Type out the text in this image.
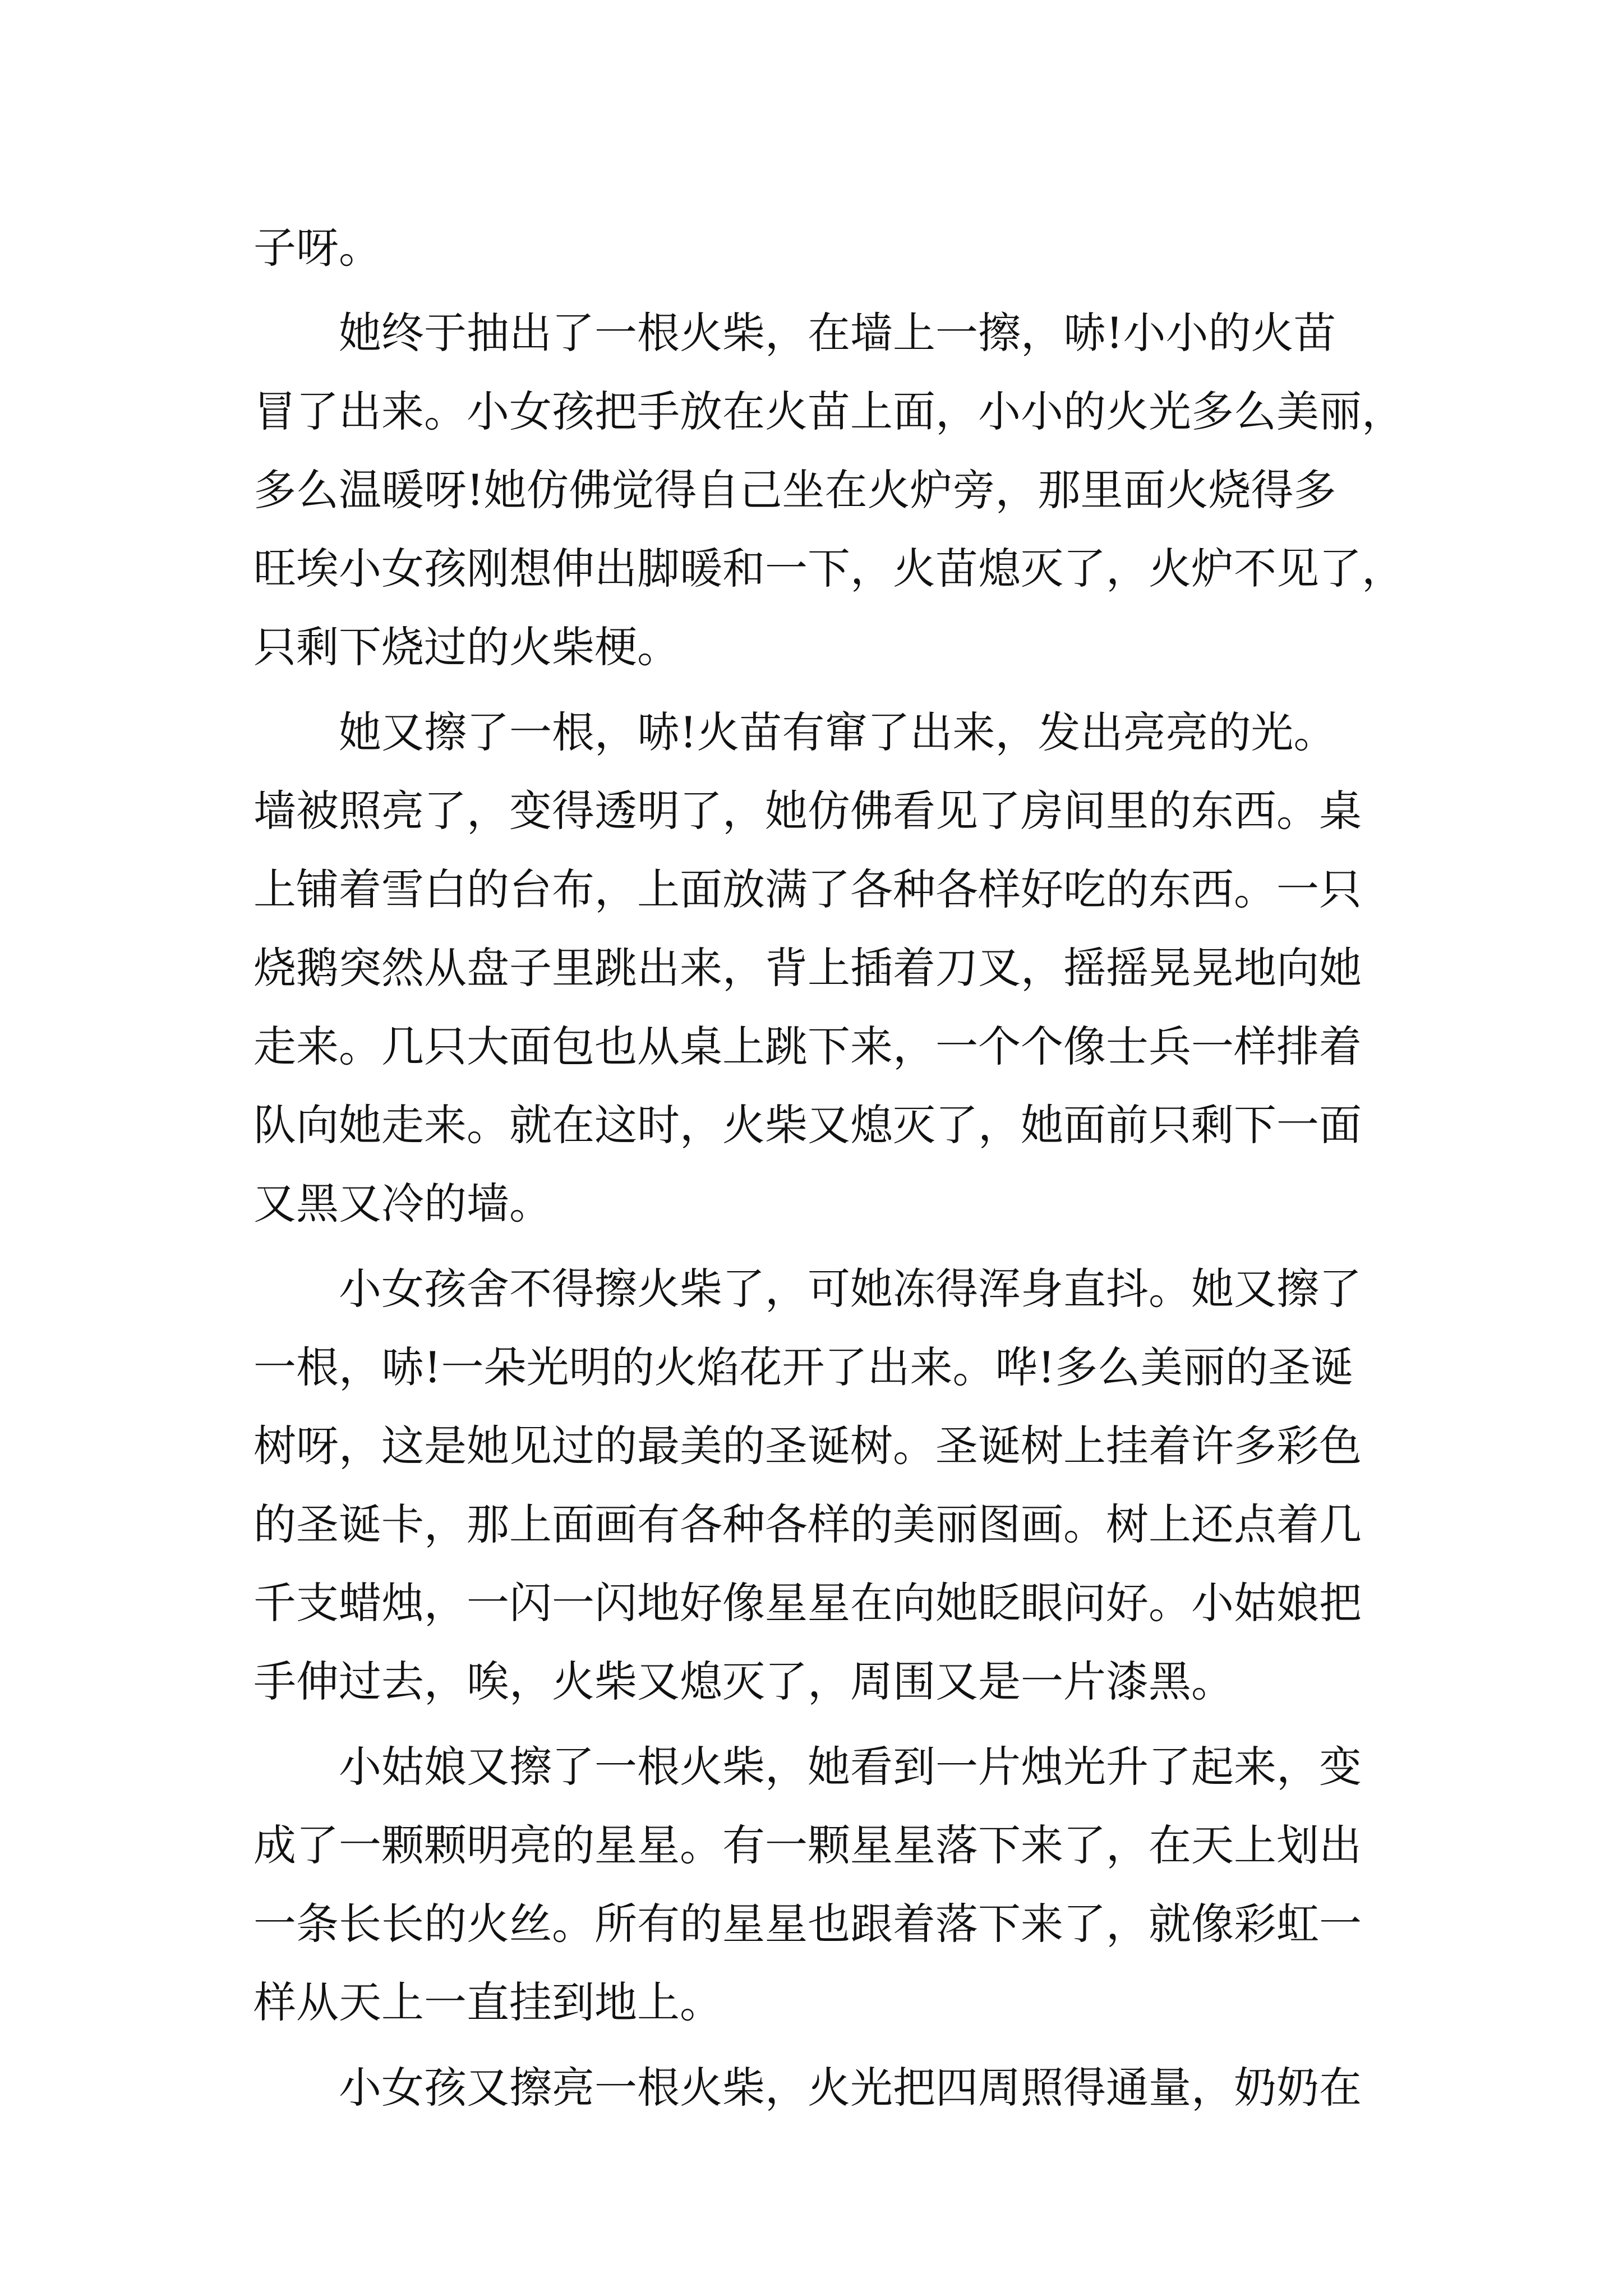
子呀。
她终于抽出了一根火柴，在墙上一擦，哧!小小的火苗
冒了出来。小女孩把手放在火苗上面，小小的火光多么美丽，
多么温暖呀!她仿佛觉得自己坐在火炉旁，那里面火烧得多
旺埃小女孩刚想伸出脚暖和一下，火苗熄灭了，火炉不见了，
只剩下烧过的火柴梗。
她又擦了一根，哧!火苗有窜了出来，发出亮亮的光。
墙被照亮了，变得透明了，她仿佛看见了房间里的东西。桌
上铺着雪白的台布，上面放满了各种各样好吃的东西。一只
烧鹅突然从盘子里跳出来，背上插着刀叉，摇摇晃晃地向她
走来。几只大面包也从桌上跳下来，一个个像士兵一样排着
队向她走来。就在这时，火柴又熄灭了，她面前只剩下一面
又黑又冷的墙。
小女孩舍不得擦火柴了，可她冻得浑身直抖。她又擦了
一根，哧!一朵光明的火焰花开了出来。哗!多么美丽的圣诞
树呀，这是她见过的最美的圣诞树。圣诞树上挂着许多彩色
的圣诞卡，那上面画有各种各样的美丽图画。树上还点着几
千支蜡烛，一闪一闪地好像星星在向她眨眼问好。小姑娘把
手伸过去，唉，火柴又熄灭了，周围又是一片漆黑。
小姑娘又擦了一根火柴，她看到一片烛光升了起来，变
成了一颗颗明亮的星星。有一颗星星落下来了，在天上划出
一条长长的火丝。所有的星星也跟着落下来了，就像彩虹一
样从天上一直挂到地上。
小女孩又擦亮一根火柴，火光把四周照得通量，奶奶在
